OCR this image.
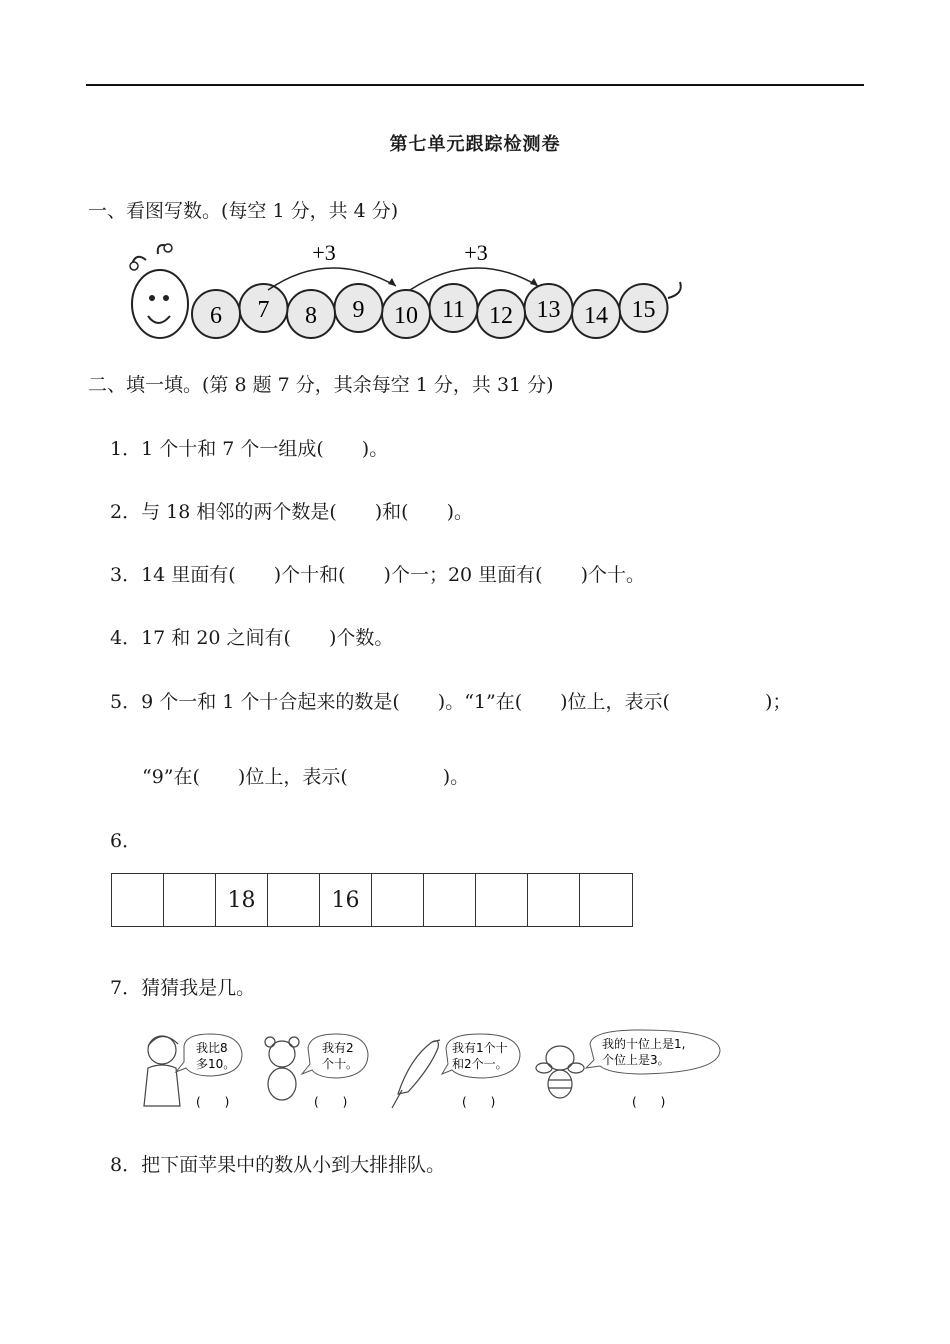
第七单元跟踪检测卷
一、看图写数。(每空 1 分，共 4 分)
15
14
13
12
11
10
9
8
7
6
+3	+3
二、填一填。(第 8 题 7 分，其余每空 1 分，共 31 分)
1．1 个十和 7 个一组成(　　)。
2．与 18 相邻的两个数是(　　)和(　　)。
3．14 里面有(　　)个十和(　　)个一；20 里面有(　　)个十。
4．17 和 20 之间有(　　)个数。
5．9 个一和 1 个十合起来的数是(　　)。“1”在(　　)位上，表示(　　　　　)；
“9”在(　　)位上，表示(　　　　　)。
6．
18	16
7．猜猜我是几。
我比8
多10。
(　　)
我有2
个十。
(　　)
我有1个十
和2个一。
(　　)
我的十位上是1,
个位上是3。
(　　)
8．把下面苹果中的数从小到大排排队。
